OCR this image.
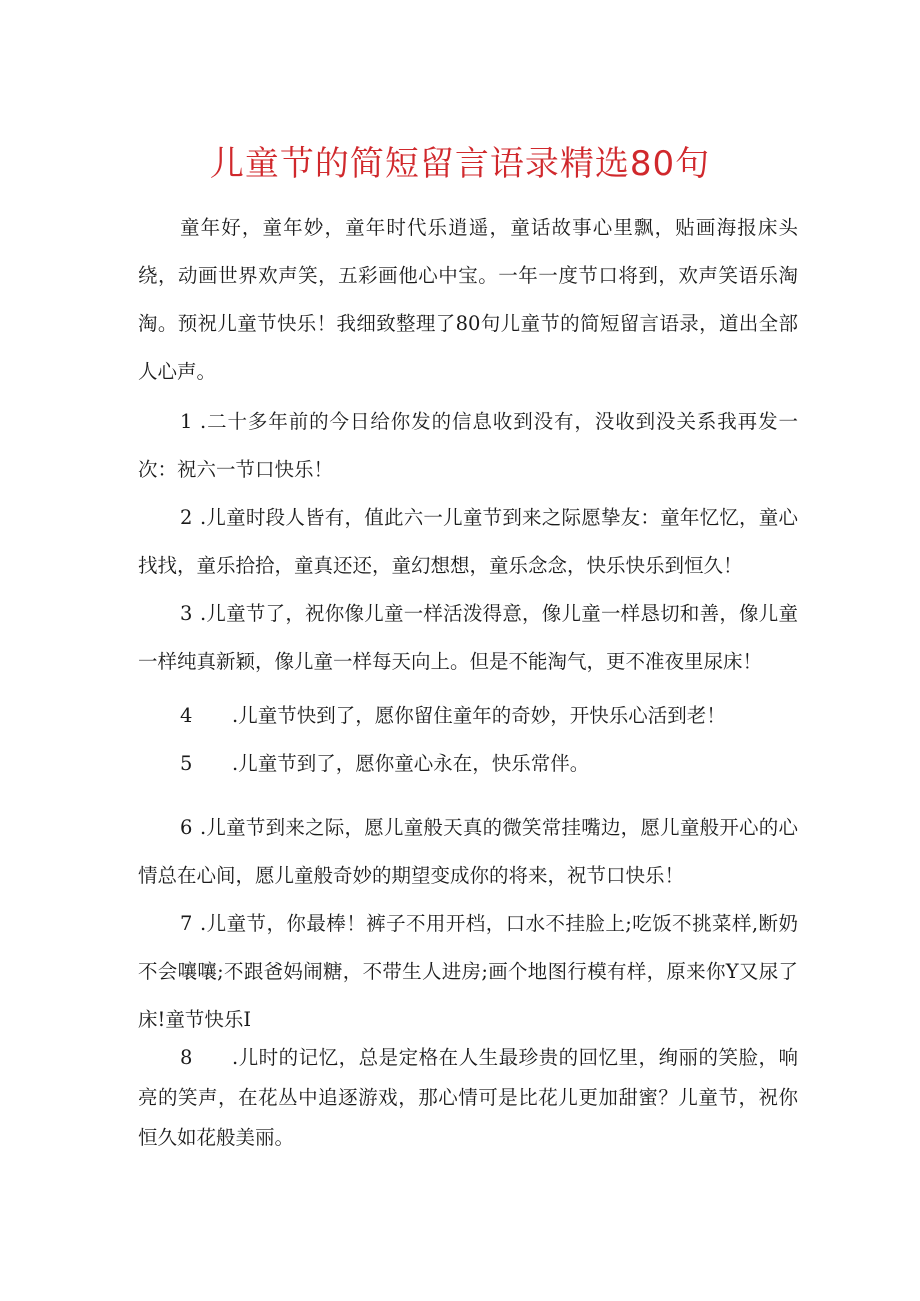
儿童节的简短留言语录精选80句

童年好，童年妙，童年时代乐逍遥，童话故事心里飘，贴画海报床头绕，动画世界欢声笑，五彩画他心中宝。一年一度节口将到，欢声笑语乐淘淘。预祝儿童节快乐！我细致整理了80句儿童节的简短留言语录，道出全部人心声。

1 .二十多年前的今日给你发的信息收到没有，没收到没关系我再发一次：祝六一节口快乐！

2 .儿童时段人皆有，值此六一儿童节到来之际愿挚友：童年忆忆，童心找找，童乐拾拾，童真还还，童幻想想，童乐念念，快乐快乐到恒久！

3 .儿童节了，祝你像儿童一样活泼得意，像儿童一样恳切和善，像儿童一样纯真新颖，像儿童一样每天向上。但是不能淘气，更不准夜里尿床！

4 .儿童节快到了，愿你留住童年的奇妙，开快乐心活到老！

5 .儿童节到了，愿你童心永在，快乐常伴。

6 .儿童节到来之际，愿儿童般天真的微笑常挂嘴边，愿儿童般开心的心情总在心间，愿儿童般奇妙的期望变成你的将来，祝节口快乐！

7 .儿童节，你最棒！裤子不用开档，口水不挂脸上;吃饭不挑菜样,断奶不会嚷嚷;不跟爸妈闹糖，不带生人进房;画个地图行模有样，原来你Y又尿了床!童节快乐I

8 .儿时的记忆，总是定格在人生最珍贵的回忆里，绚丽的笑脸，响亮的笑声，在花丛中追逐游戏，那心情可是比花儿更加甜蜜？儿童节，祝你恒久如花般美丽。
